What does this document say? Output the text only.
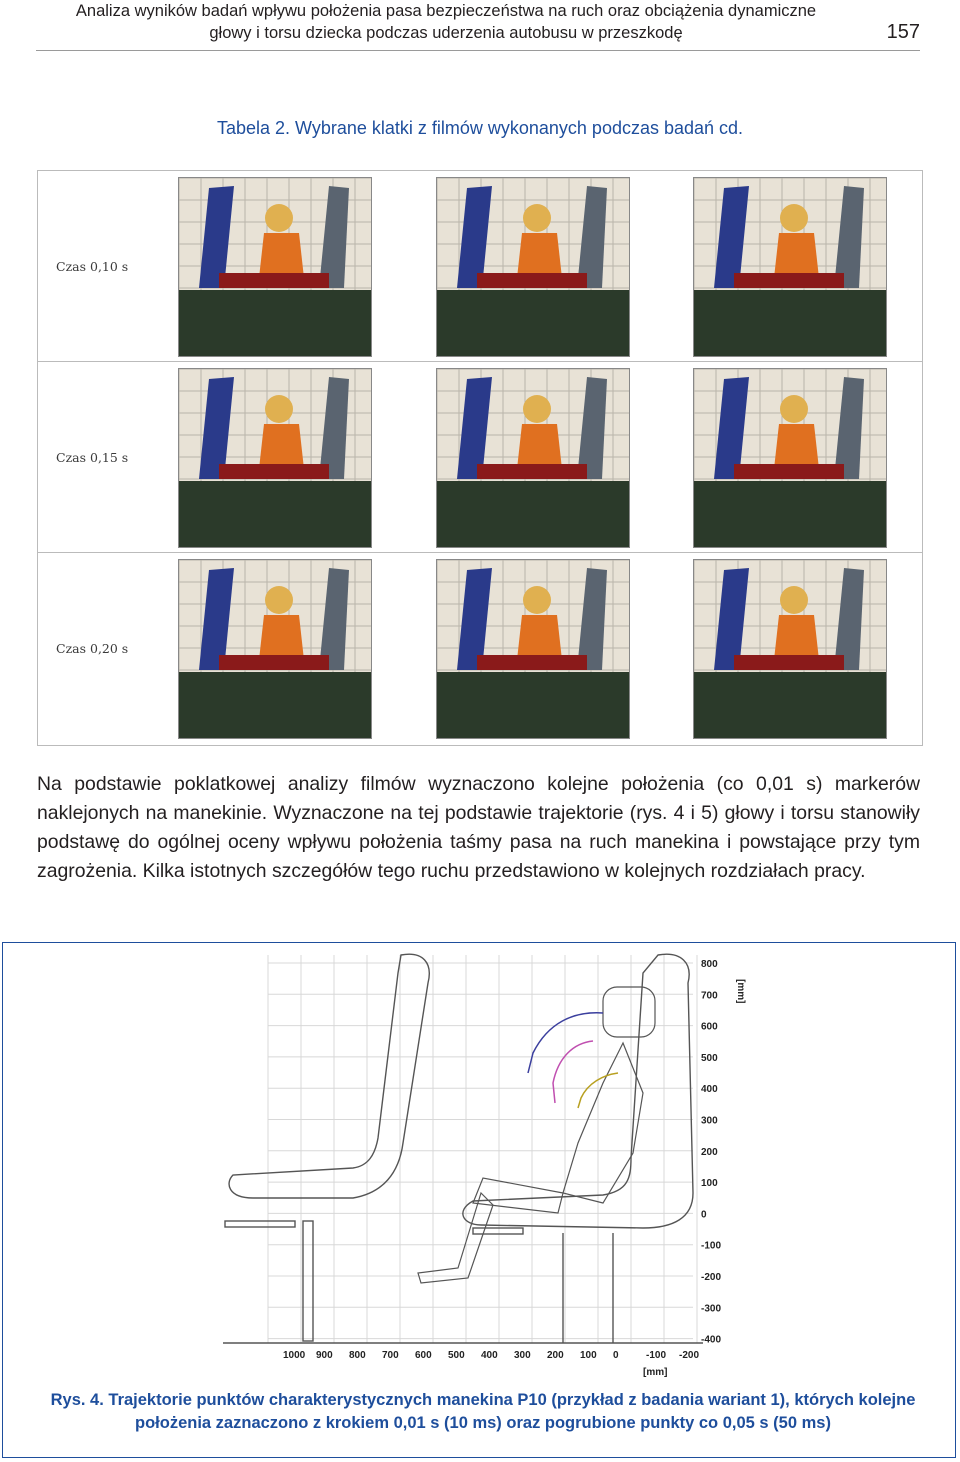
Analiza wyników badań wpływu położenia pasa bezpieczeństwa na ruch oraz obciążenia dynamiczne
głowy i torsu dziecka podczas uderzenia autobusu w przeszkodę	157
Tabela 2. Wybrane klatki z filmów wykonanych podczas badań cd.
Czas 0,10 s
Czas 0,15 s
Czas 0,20 s
Na podstawie poklatkowej analizy filmów wyznaczono kolejne położenia (co 0,01 s) markerów naklejonych na manekinie. Wyznaczone na tej podstawie trajektorie (rys. 4 i 5) głowy i torsu stanowiły podstawę do ogólnej oceny wpływu położenia taśmy pasa na ruch manekina i powstające przy tym zagrożenia. Kilka istotnych szczegółów tego ruchu przedstawiono w kolejnych rozdziałach pracy.
800
700
600
500
400
300
200
100
0
-100
-200
-300
-400
[mm]
1000 900 800 700 600 500 400 300 200 100 0	-100 -200
[mm]
Rys. 4. Trajektorie punktów charakterystycznych manekina P10 (przykład z badania wariant 1), których kolejne położenia zaznaczono z krokiem 0,01 s (10 ms) oraz pogrubione punkty co 0,05 s (50 ms)
